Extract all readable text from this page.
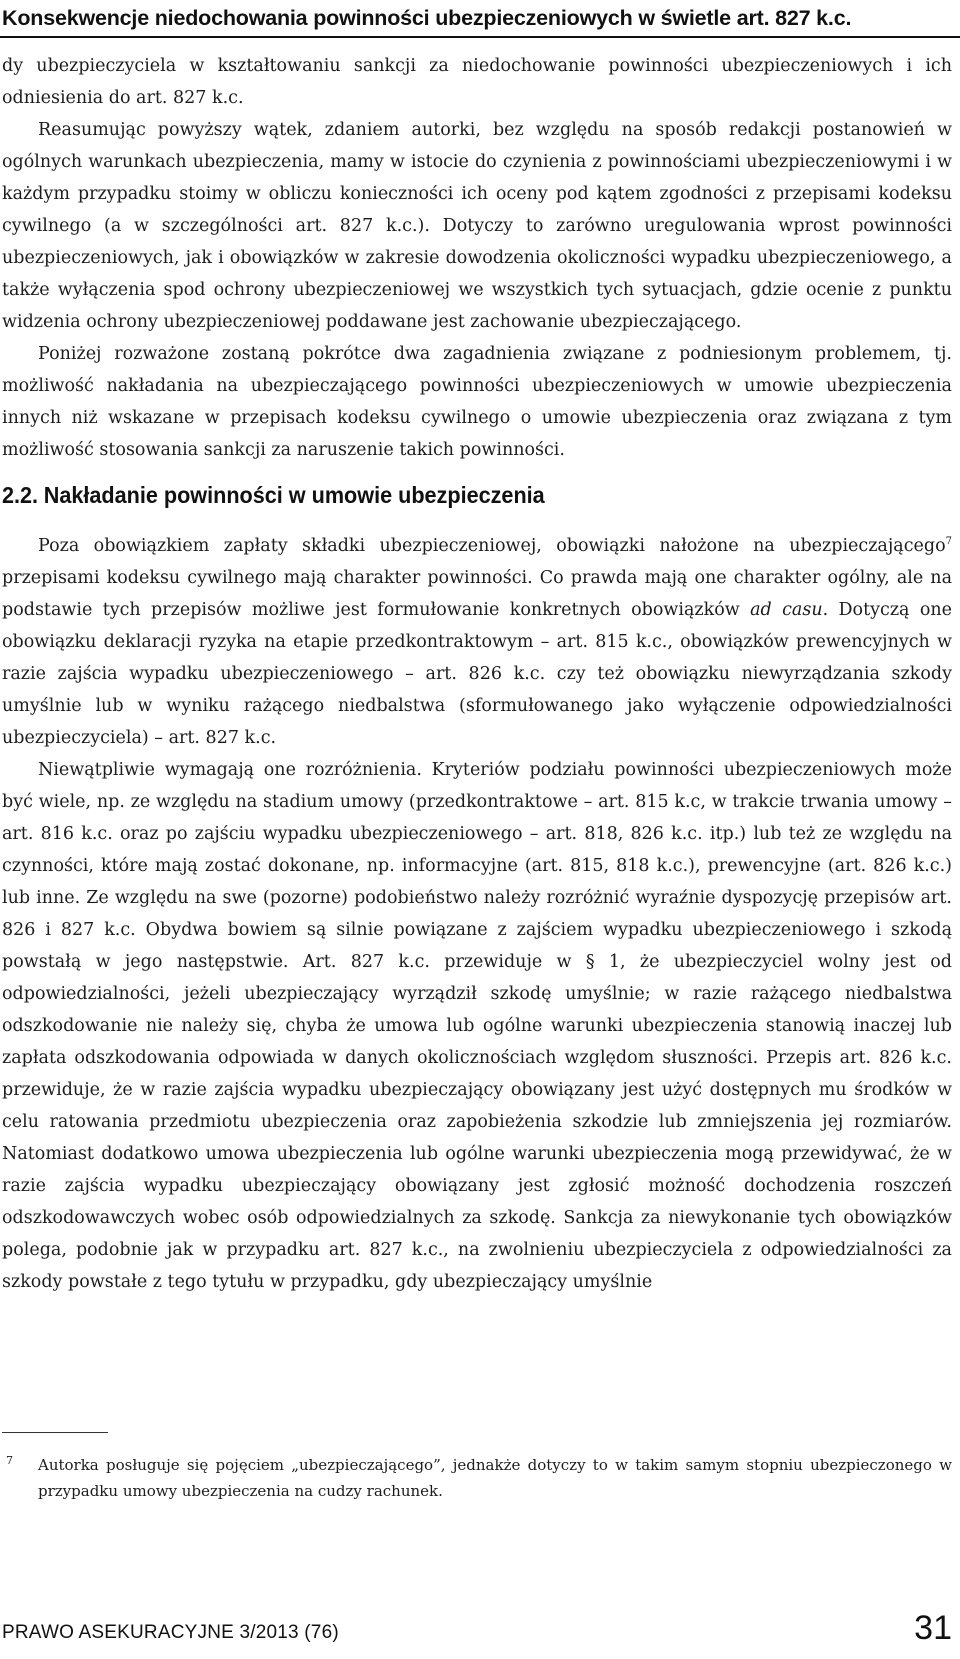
Konsekwencje niedochowania powinności ubezpieczeniowych w świetle art. 827 k.c.

dy ubezpieczyciela w kształtowaniu sankcji za niedochowanie powinności ubezpieczeniowych i ich odniesienia do art. 827 k.c.

Reasumując powyższy wątek, zdaniem autorki, bez względu na sposób redakcji postanowień w ogólnych warunkach ubezpieczenia, mamy w istocie do czynienia z powinnościami ubezpieczeniowymi i w każdym przypadku stoimy w obliczu konieczności ich oceny pod kątem zgodności z przepisami kodeksu cywilnego (a w szczególności art. 827 k.c.). Dotyczy to zarówno uregulowania wprost powinności ubezpieczeniowych, jak i obowiązków w zakresie dowodzenia okoliczności wypadku ubezpieczeniowego, a także wyłączenia spod ochrony ubezpieczeniowej we wszystkich tych sytuacjach, gdzie ocenie z punktu widzenia ochrony ubezpieczeniowej poddawane jest zachowanie ubezpieczającego.

Poniżej rozważone zostaną pokrótce dwa zagadnienia związane z podniesionym problemem, tj. możliwość nakładania na ubezpieczającego powinności ubezpieczeniowych w umowie ubezpieczenia innych niż wskazane w przepisach kodeksu cywilnego o umowie ubezpieczenia oraz związana z tym możliwość stosowania sankcji za naruszenie takich powinności.

2.2. Nakładanie powinności w umowie ubezpieczenia

Poza obowiązkiem zapłaty składki ubezpieczeniowej, obowiązki nałożone na ubezpieczającego$^7$ przepisami kodeksu cywilnego mają charakter powinności. Co prawda mają one charakter ogólny, ale na podstawie tych przepisów możliwe jest formułowanie konkretnych obowiązków ad casu. Dotyczą one obowiązku deklaracji ryzyka na etapie przedkontraktowym – art. 815 k.c., obowiązków prewencyjnych w razie zajścia wypadku ubezpieczeniowego – art. 826 k.c. czy też obowiązku niewyrządzania szkody umyślnie lub w wyniku rażącego niedbalstwa (sformułowanego jako wyłączenie odpowiedzialności ubezpieczyciela) – art. 827 k.c.

Niewątpliwie wymagają one rozróżnienia. Kryteriów podziału powinności ubezpieczeniowych może być wiele, np. ze względu na stadium umowy (przedkontraktowe – art. 815 k.c, w trakcie trwania umowy – art. 816 k.c. oraz po zajściu wypadku ubezpieczeniowego – art. 818, 826 k.c. itp.) lub też ze względu na czynności, które mają zostać dokonane, np. informacyjne (art. 815, 818 k.c.), prewencyjne (art. 826 k.c.) lub inne. Ze względu na swe (pozorne) podobieństwo należy rozróżnić wyraźnie dyspozycję przepisów art. 826 i 827 k.c. Obydwa bowiem są silnie powiązane z zajściem wypadku ubezpieczeniowego i szkodą powstałą w jego następstwie. Art. 827 k.c. przewiduje w § 1, że ubezpieczyciel wolny jest od odpowiedzialności, jeżeli ubezpieczający wyrządził szkodę umyślnie; w razie rażącego niedbalstwa odszkodowanie nie należy się, chyba że umowa lub ogólne warunki ubezpieczenia stanowią inaczej lub zapłata odszkodowania odpowiada w danych okolicznościach względom słuszności. Przepis art. 826 k.c. przewiduje, że w razie zajścia wypadku ubezpieczający obowiązany jest użyć dostępnych mu środków w celu ratowania przedmiotu ubezpieczenia oraz zapobieżenia szkodzie lub zmniejszenia jej rozmiarów. Natomiast dodatkowo umowa ubezpieczenia lub ogólne warunki ubezpieczenia mogą przewidywać, że w razie zajścia wypadku ubezpieczający obowiązany jest zgłosić możność dochodzenia roszczeń odszkodowawczych wobec osób odpowiedzialnych za szkodę. Sankcja za niewykonanie tych obowiązków polega, podobnie jak w przypadku art. 827 k.c., na zwolnieniu ubezpieczyciela z odpowiedzialności za szkody powstałe z tego tytułu w przypadku, gdy ubezpieczający umyślnie

7 Autorka posługuje się pojęciem „ubezpieczającego”, jednakże dotyczy to w takim samym stopniu ubezpieczonego w przypadku umowy ubezpieczenia na cudzy rachunek.
PRAWO ASEKURACYJNE 3/2013 (76)	31
